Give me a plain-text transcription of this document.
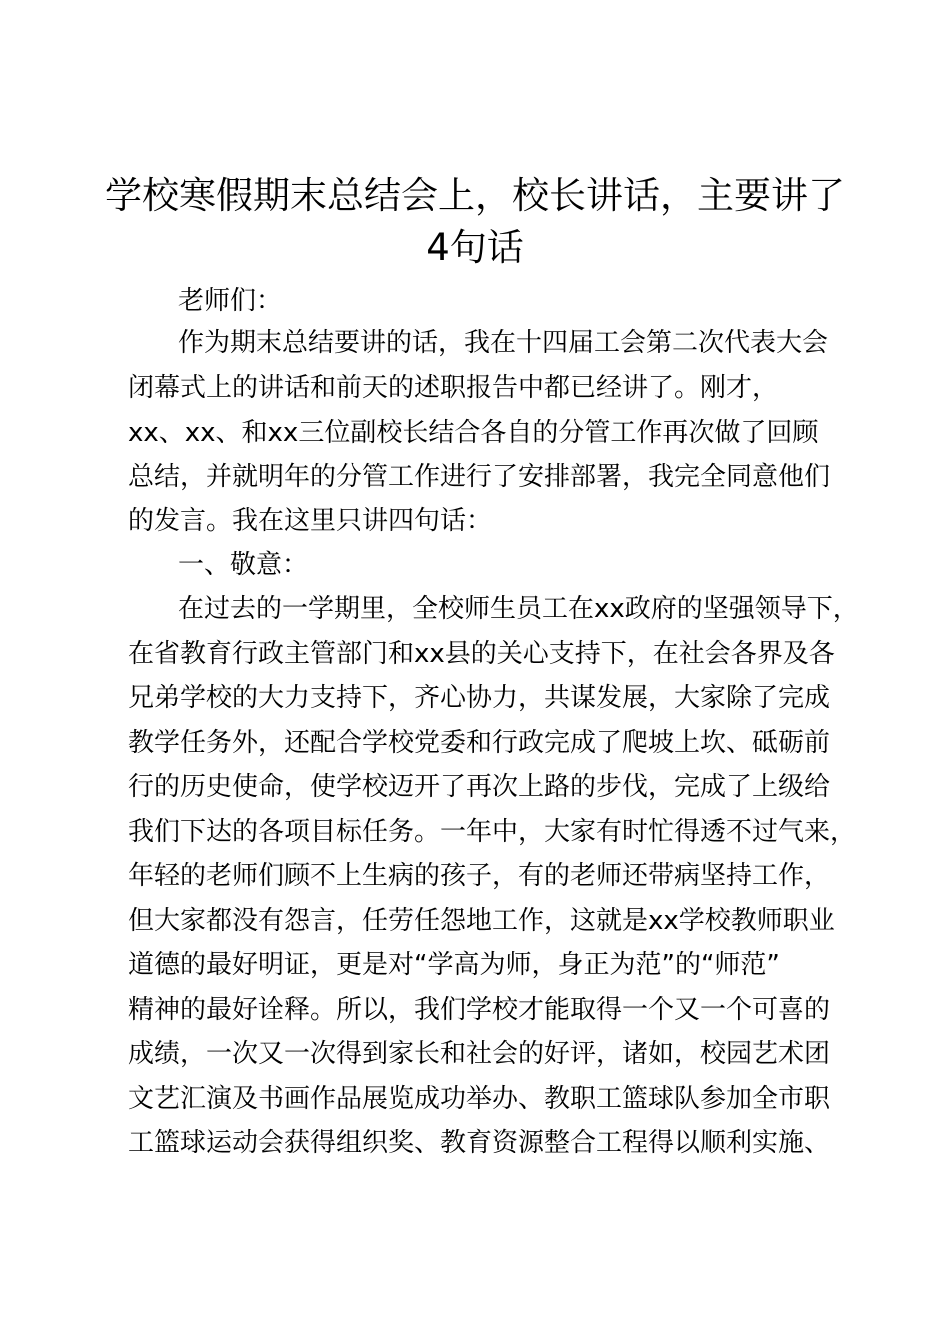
学校寒假期末总结会上，校长讲话，主要讲了
4句话
老师们：
作为期末总结要讲的话，我在十四届工会第二次代表大会
闭幕式上的讲话和前天的述职报告中都已经讲了。刚才，
xx、xx、和xx三位副校长结合各自的分管工作再次做了回顾
总结，并就明年的分管工作进行了安排部署，我完全同意他们
的发言。我在这里只讲四句话：
一、敬意：
在过去的一学期里，全校师生员工在xx政府的坚强领导下，
在省教育行政主管部门和xx县的关心支持下，在社会各界及各
兄弟学校的大力支持下，齐心协力，共谋发展，大家除了完成
教学任务外，还配合学校党委和行政完成了爬坡上坎、砥砺前
行的历史使命，使学校迈开了再次上路的步伐，完成了上级给
我们下达的各项目标任务。一年中，大家有时忙得透不过气来，
年轻的老师们顾不上生病的孩子，有的老师还带病坚持工作，
但大家都没有怨言，任劳任怨地工作，这就是xx学校教师职业
道德的最好明证，更是对“学高为师，身正为范”的“师范”
精神的最好诠释。所以，我们学校才能取得一个又一个可喜的
成绩，一次又一次得到家长和社会的好评，诸如，校园艺术团
文艺汇演及书画作品展览成功举办、教职工篮球队参加全市职
工篮球运动会获得组织奖、教育资源整合工程得以顺利实施、
